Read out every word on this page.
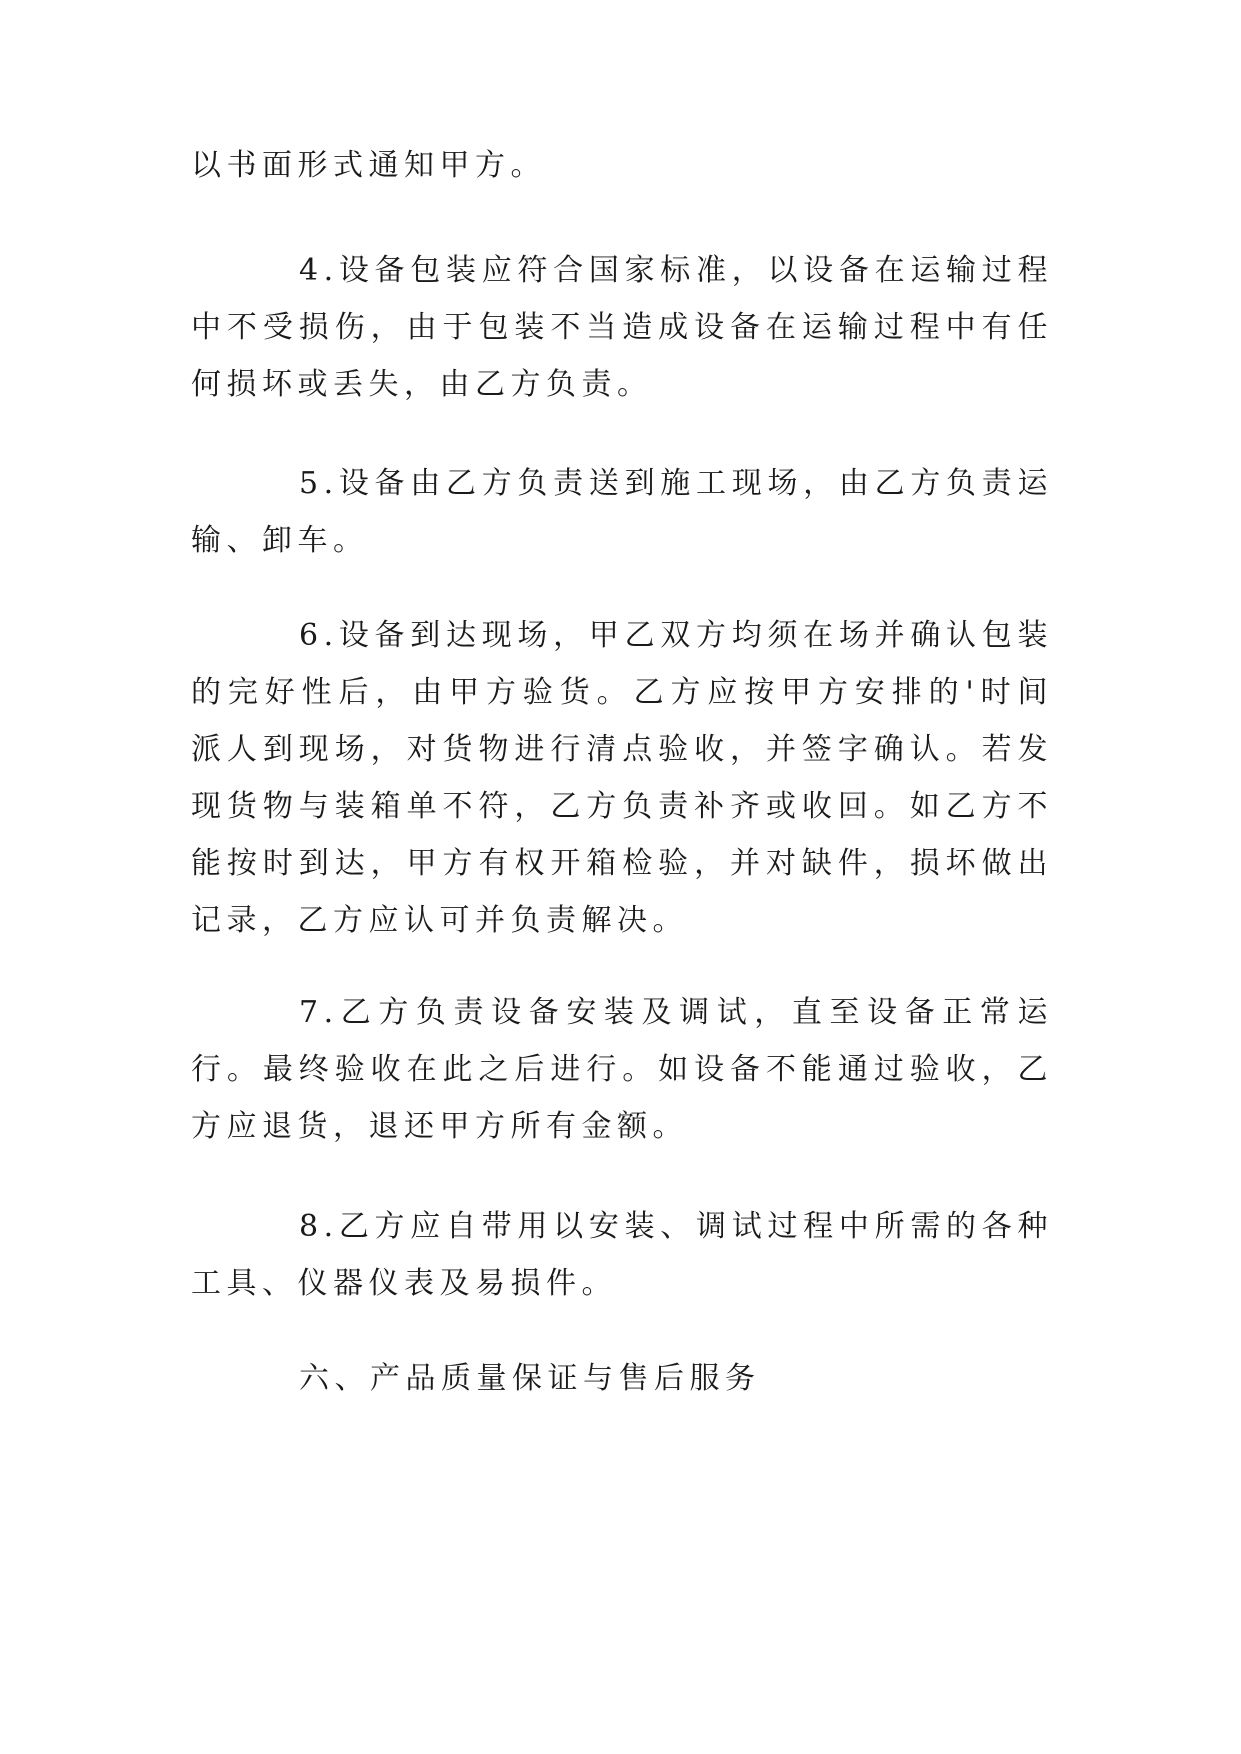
以书面形式通知甲方。

4.设备包装应符合国家标准，以设备在运输过程中不受损伤，由于包装不当造成设备在运输过程中有任何损坏或丢失，由乙方负责。

5.设备由乙方负责送到施工现场，由乙方负责运输、卸车。

6.设备到达现场，甲乙双方均须在场并确认包装的完好性后，由甲方验货。乙方应按甲方安排的'时间派人到现场，对货物进行清点验收，并签字确认。若发现货物与装箱单不符，乙方负责补齐或收回。如乙方不能按时到达，甲方有权开箱检验，并对缺件，损坏做出记录，乙方应认可并负责解决。

7.乙方负责设备安装及调试，直至设备正常运行。最终验收在此之后进行。如设备不能通过验收，乙方应退货，退还甲方所有金额。

8.乙方应自带用以安装、调试过程中所需的各种工具、仪器仪表及易损件。

六、产品质量保证与售后服务
